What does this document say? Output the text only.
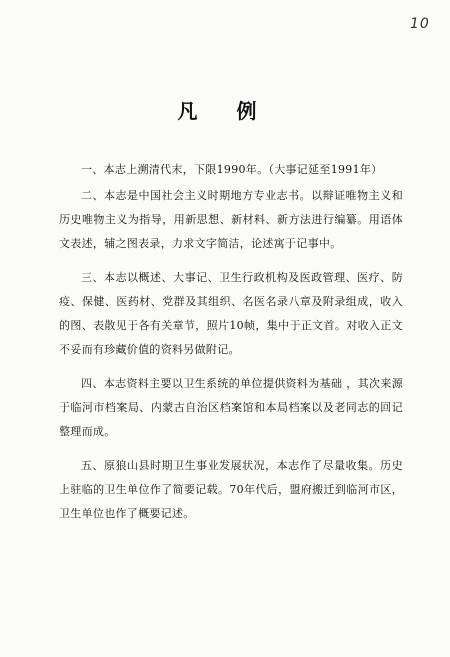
10
凡 例

一、本志上溯清代末，下限1990年。（大事记延至1991年）

二、本志是中国社会主义时期地方专业志书。以辩证唯物主义和历史唯物主义为指导，用新思想、新材料、新方法进行编纂。用语体文表述，辅之图表录，力求文字简洁，论述寓于记事中。

三、本志以概述、大事记、卫生行政机构及医政管理、医疗、防疫、保健、医药材、党群及其组织、名医名录八章及附录组成，收入的图、表散见于各有关章节，照片10帧，集中于正文首。对收入正文不妥而有珍藏价值的资料另做附记。

四、本志资料主要以卫生系统的单位提供资料为基础 ，其次来源于临河市档案局、内蒙古自治区档案馆和本局档案以及老同志的回记整理而成。

五、原狼山县时期卫生事业发展状况，本志作了尽量收集。历史上驻临的卫生单位作了简要记载。70年代后，盟府搬迁到临河市区，卫生单位也作了概要记述。
